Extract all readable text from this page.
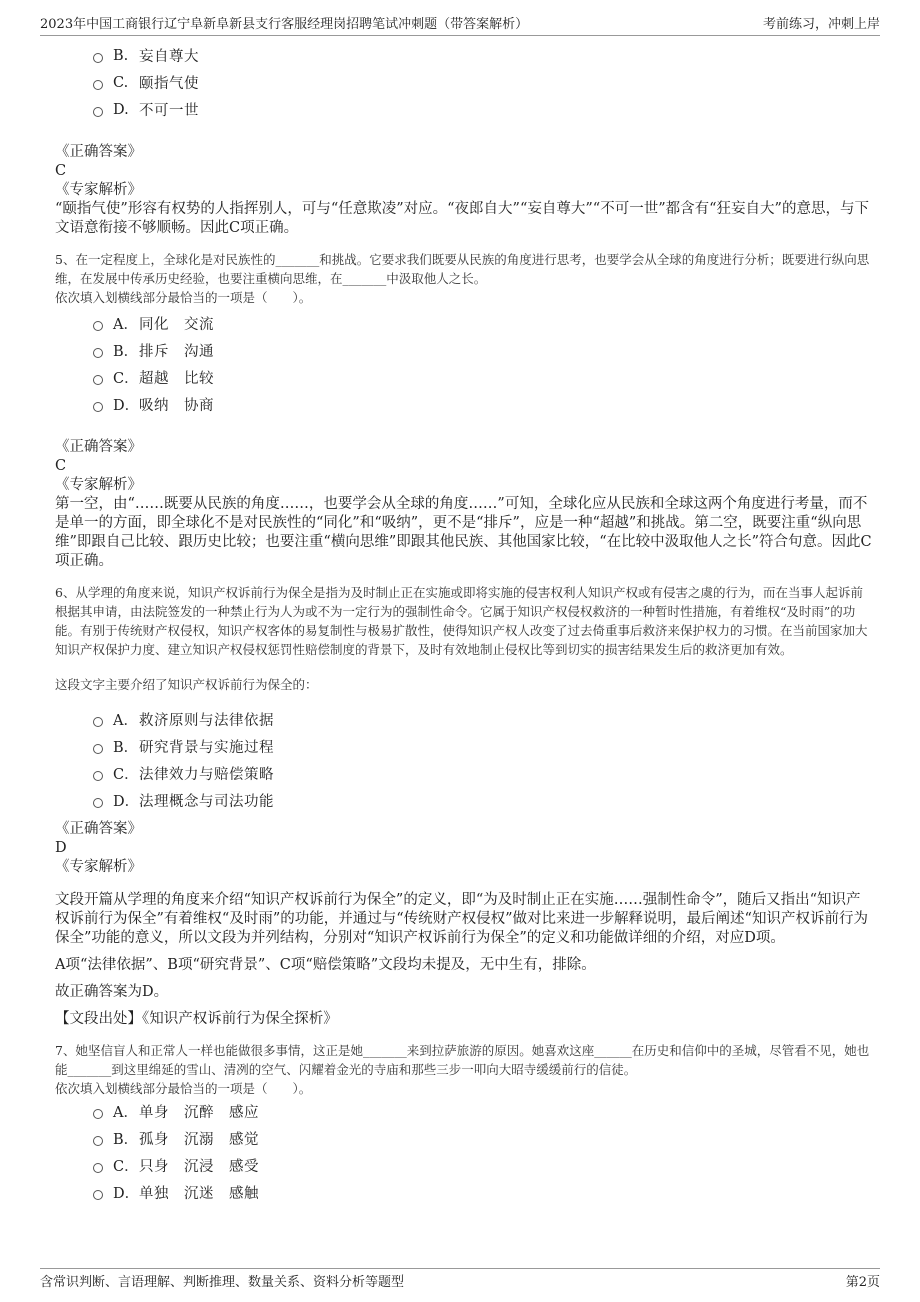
2023年中国工商银行辽宁阜新阜新县支行客服经理岗招聘笔试冲刺题（带答案解析）	考前练习，冲刺上岸
B. 妄自尊大
C. 颐指气使
D. 不可一世
《正确答案》
C
《专家解析》
“颐指气使”形容有权势的人指挥别人，可与“任意欺凌”对应。“夜郎自大”“妄自尊大”“不可一世”都含有“狂妄自大”的意思，与下文语意衔接不够顺畅。因此C项正确。
5、在一定程度上，全球化是对民族性的_______和挑战。它要求我们既要从民族的角度进行思考，也要学会从全球的角度进行分析；既要进行纵向思维，在发展中传承历史经验，也要注重横向思维，在_______中汲取他人之长。
依次填入划横线部分最恰当的一项是（　　）。
A． 同化　交流
B． 排斥　沟通
C． 超越　比较
D． 吸纳　协商
《正确答案》
C
《专家解析》
第一空，由“……既要从民族的角度……，也要学会从全球的角度……”可知，全球化应从民族和全球这两个角度进行考量，而不是单一的方面，即全球化不是对民族性的“同化”和“吸纳”，更不是“排斥”，应是一种“超越”和挑战。第二空，既要注重“纵向思维”即跟自己比较、跟历史比较；也要注重“横向思维”即跟其他民族、其他国家比较，“在比较中汲取他人之长”符合句意。因此C项正确。
6、从学理的角度来说，知识产权诉前行为保全是指为及时制止正在实施或即将实施的侵害权利人知识产权或有侵害之虞的行为，而在当事人起诉前根据其申请，由法院签发的一种禁止行为人为或不为一定行为的强制性命令。它属于知识产权侵权救济的一种暂时性措施，有着维权“及时雨”的功能。有别于传统财产权侵权，知识产权客体的易复制性与极易扩散性，使得知识产权人改变了过去倚重事后救济来保护权力的习惯。在当前国家加大知识产权保护力度、建立知识产权侵权惩罚性赔偿制度的背景下，及时有效地制止侵权比等到切实的损害结果发生后的救济更加有效。
这段文字主要介绍了知识产权诉前行为保全的：
A． 救济原则与法律依据
B． 研究背景与实施过程
C． 法律效力与赔偿策略
D． 法理概念与司法功能
《正确答案》
D
《专家解析》
文段开篇从学理的角度来介绍“知识产权诉前行为保全”的定义，即“为及时制止正在实施……强制性命令”，随后又指出“知识产权诉前行为保全”有着维权“及时雨”的功能，并通过与“传统财产权侵权”做对比来进一步解释说明，最后阐述“知识产权诉前行为保全”功能的意义，所以文段为并列结构，分别对“知识产权诉前行为保全”的定义和功能做详细的介绍，对应D项。
A项“法律依据”、B项“研究背景”、C项“赔偿策略”文段均未提及，无中生有，排除。
故正确答案为D。
【文段出处】《知识产权诉前行为保全探析》
7、她坚信盲人和正常人一样也能做很多事情，这正是她_______来到拉萨旅游的原因。她喜欢这座______在历史和信仰中的圣城，尽管看不见，她也能_______到这里绵延的雪山、清冽的空气、闪耀着金光的寺庙和那些三步一叩向大昭寺缓缓前行的信徒。
依次填入划横线部分最恰当的一项是（　　）。
A． 单身　沉醉　感应
B． 孤身　沉溺　感觉
C． 只身　沉浸　感受
D． 单独　沉迷　感触
含常识判断、言语理解、判断推理、数量关系、资料分析等题型	第2页
